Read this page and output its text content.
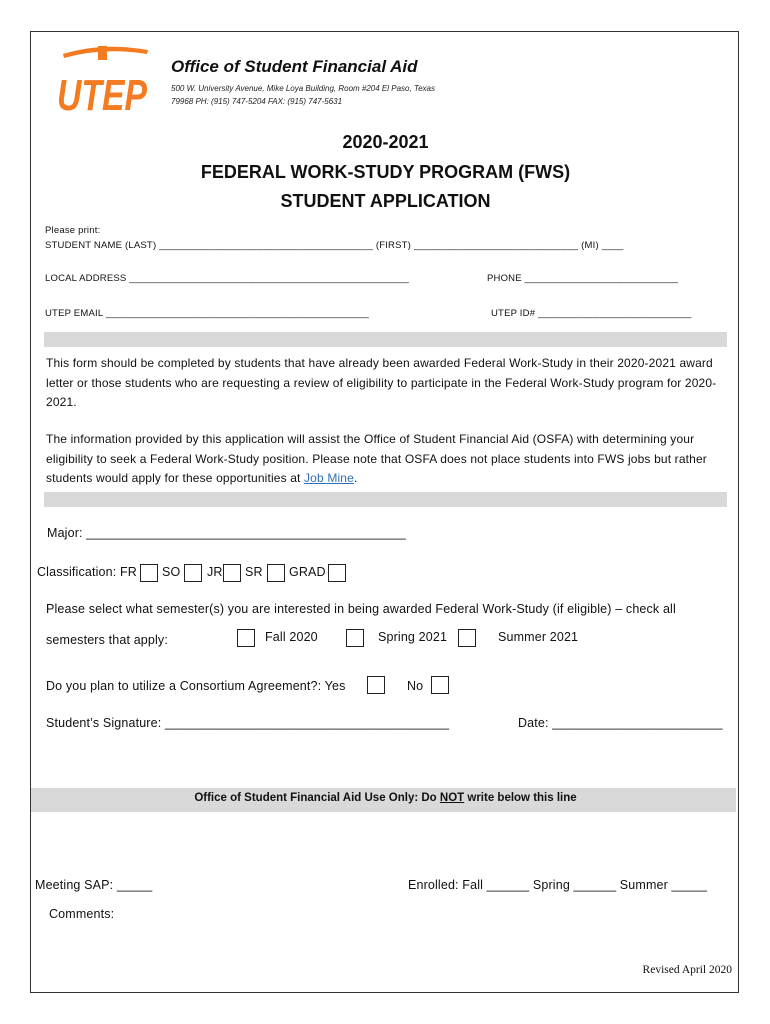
UTEP
Office of Student Financial Aid
500 W. University Avenue, Mike Loya Building, Room #204 El Paso, Texas
79968 PH: (915) 747-5204 FAX: (915) 747-5631
2020-2021
FEDERAL WORK-STUDY PROGRAM (FWS)
STUDENT APPLICATION
Please print:
STUDENT NAME (LAST) _______________________________________ (FIRST) ______________________________ (MI) ____
LOCAL ADDRESS ___________________________________________________	PHONE ____________________________
UTEP EMAIL ________________________________________________	UTEP ID# ____________________________
This form should be completed by students that have already been awarded Federal Work-Study in their 2020-2021 award letter or those students who are requesting a review of eligibility to participate in the Federal Work-Study program for 2020-2021.
The information provided by this application will assist the Office of Student Financial Aid (OSFA) with determining your eligibility to seek a Federal Work-Study position. Please note that OSFA does not place students into FWS jobs but rather students would apply for these opportunities at Job Mine.
Major: _____________________________________________
Classification: FR SO JR SR GRAD
Please select what semester(s) you are interested in being awarded Federal Work-Study (if eligible) – check all
semesters that apply:	Fall 2020	Spring 2021	Summer 2021
Do you plan to utilize a Consortium Agreement?: Yes	No
Student’s Signature: ________________________________________	Date: ________________________
Office of Student Financial Aid Use Only: Do NOT write below this line
Meeting SAP: _____	Enrolled: Fall ______ Spring ______ Summer _____
Comments:
Revised April 2020
